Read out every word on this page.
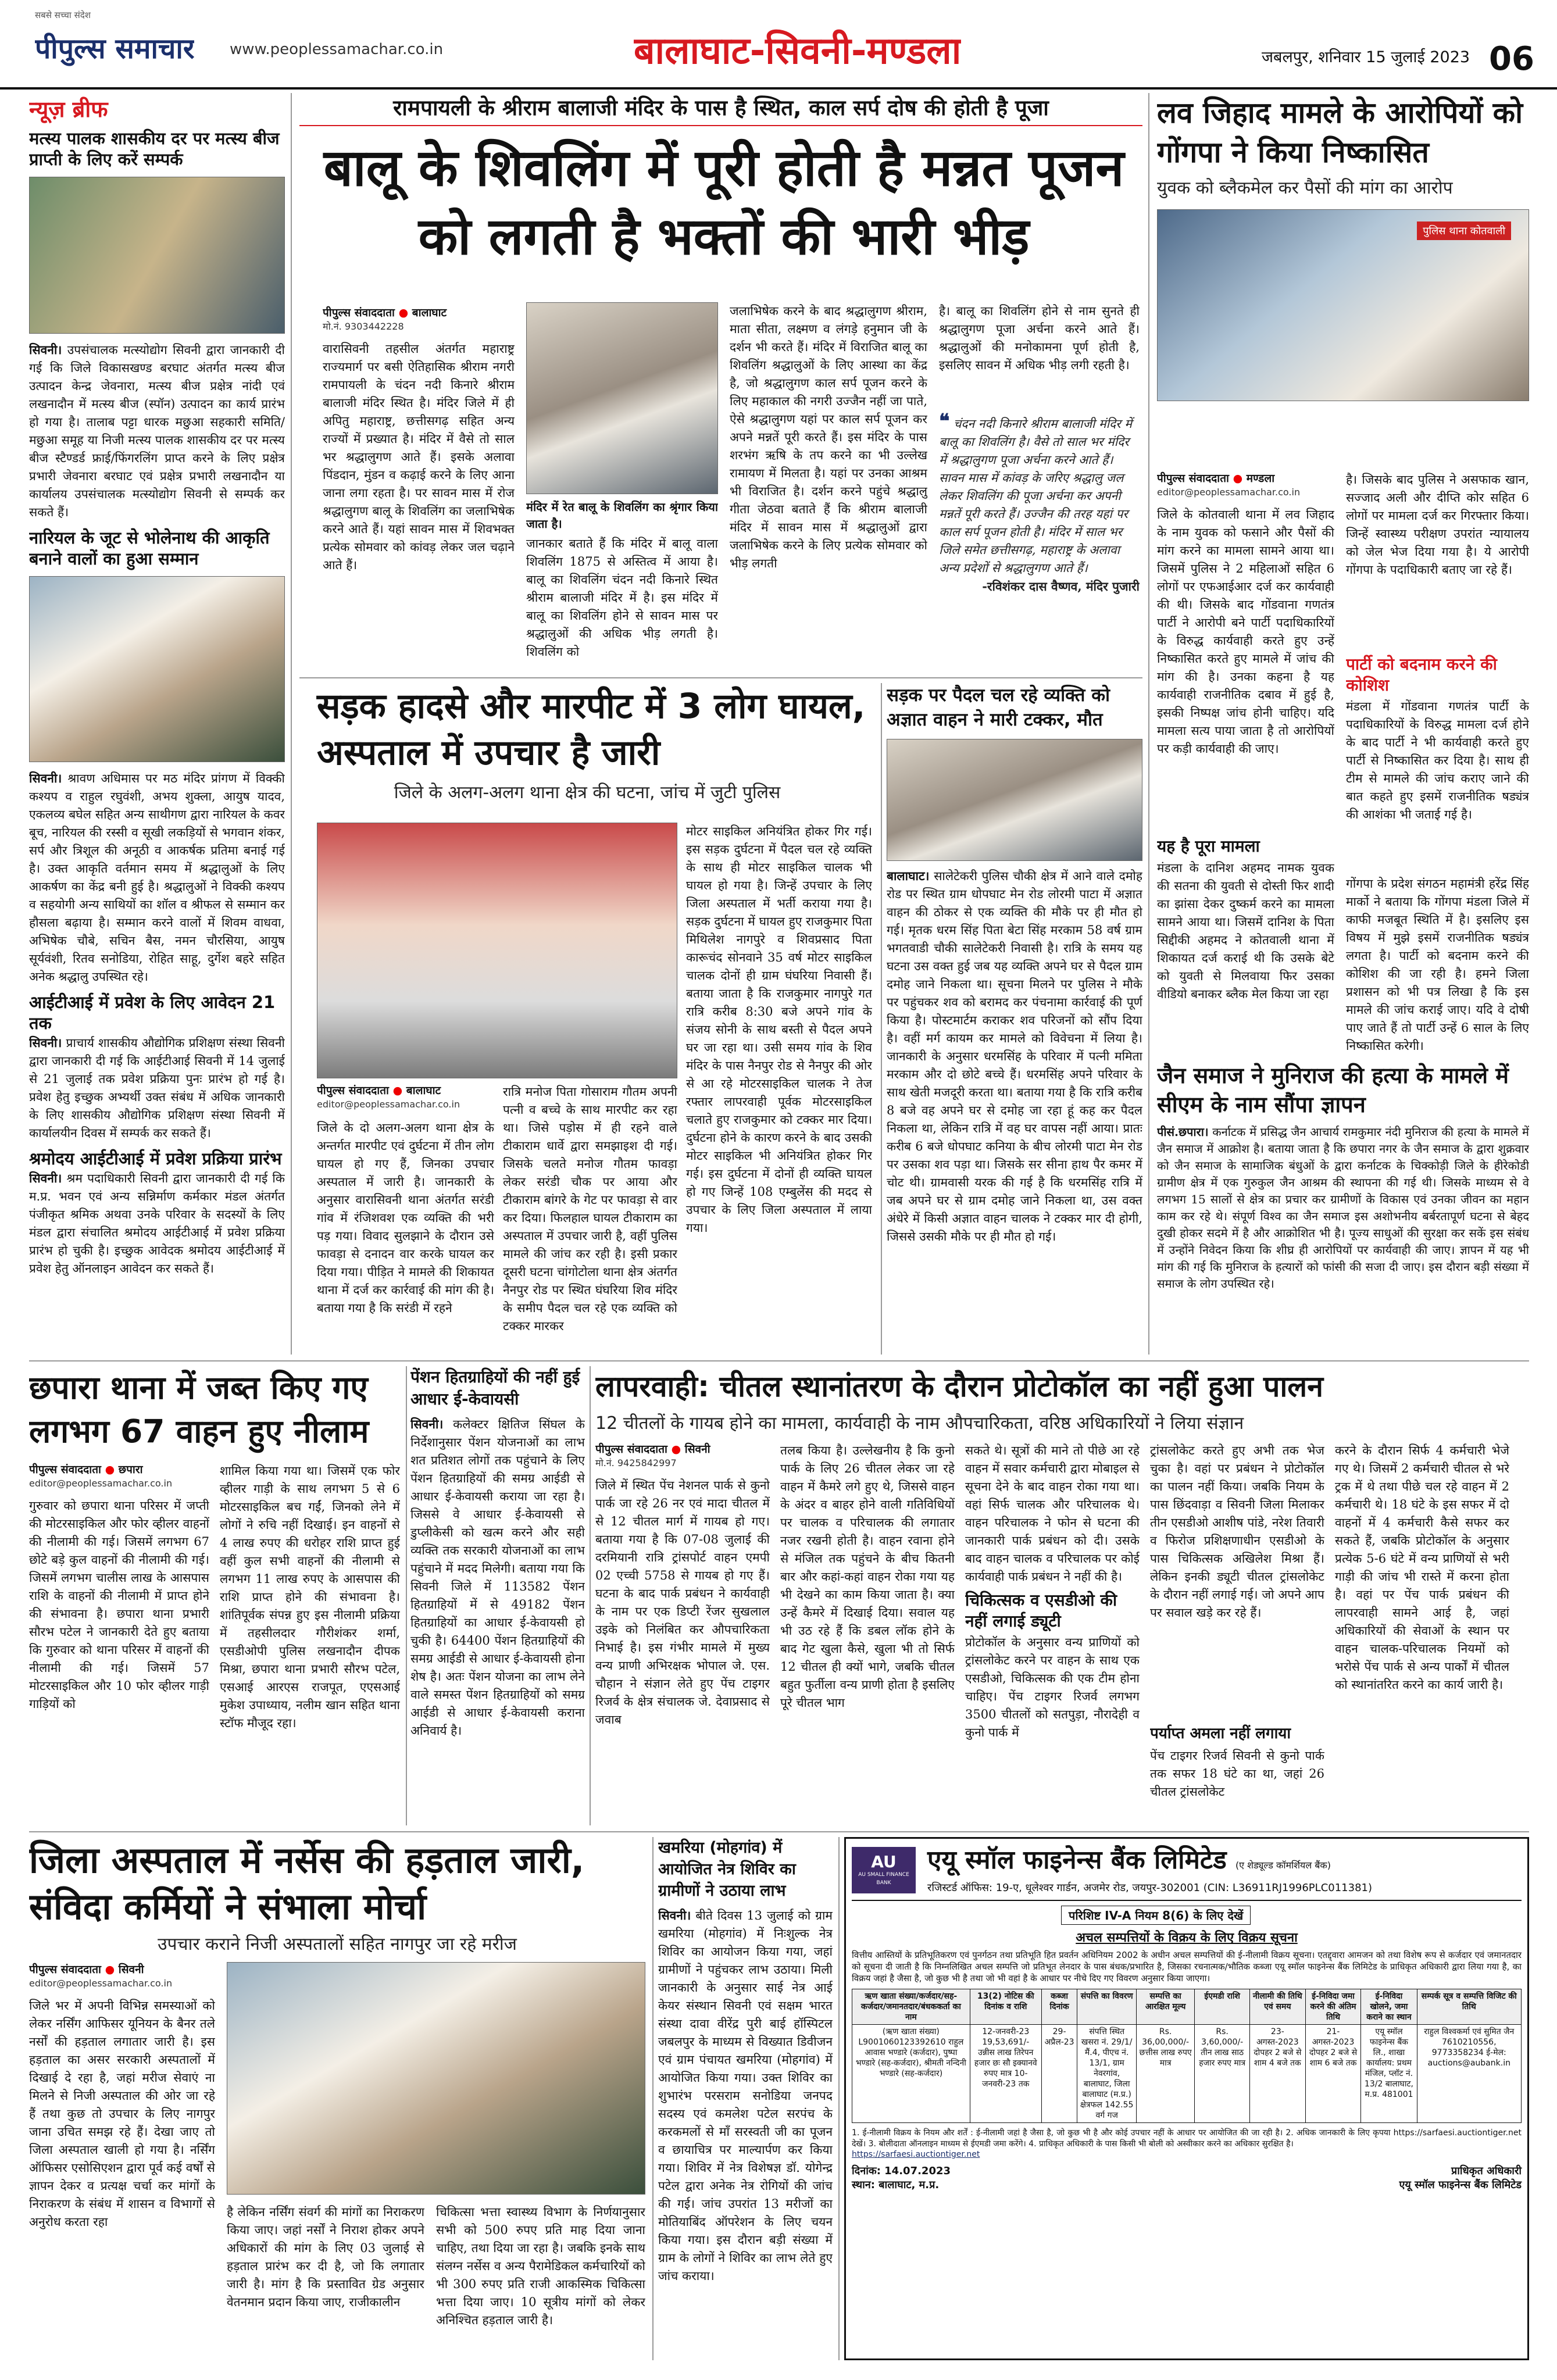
सबसे सच्चा संदेश
पीपुल्स समाचार www.peoplessamachar.co.in	बालाघाट-सिवनी-मण्डला	जबलपुर, शनिवार 15 जुलाई 2023 06
न्यूज़ ब्रीफ
मत्स्य पालक शासकीय दर पर मत्स्य बीज प्राप्ती के लिए करें सम्पर्क
सिवनी। उपसंचालक मत्स्योद्योग सिवनी द्वारा जानकारी दी गई कि जिले विकासखण्ड बरघाट अंतर्गत मत्स्य बीज उत्पादन केन्द्र जेवनारा, मत्स्य बीज प्रक्षेत्र नांदी एवं लखनादौन में मत्स्य बीज (स्पॉन) उत्पादन का कार्य प्रारंभ हो गया है। तालाब पट्टा धारक मछुआ सहकारी समिति/ मछुआ समूह या निजी मत्स्य पालक शासकीय दर पर मत्स्य बीज स्टैण्डर्ड फ्राई/फिंगरलिंग प्राप्त करने के लिए प्रक्षेत्र प्रभारी जेवनारा बरघाट एवं प्रक्षेत्र प्रभारी लखनादौन या कार्यालय उपसंचालक मत्स्योद्योग सिवनी से सम्पर्क कर सकते हैं।
नारियल के जूट से भोलेनाथ की आकृति बनाने वालों का हुआ सम्मान
सिवनी। श्रावण अधिमास पर मठ मंदिर प्रांगण में विक्की कश्यप व राहुल रघुवंशी, अभय शुक्ला, आयुष यादव, एकलव्य बघेल सहित अन्य साथीगण द्वारा नारियल के कवर बूच, नारियल की रस्सी व सूखी लकड़ियों से भगवान शंकर, सर्प और त्रिशूल की अनूठी व आकर्षक प्रतिमा बनाई गई है। उक्त आकृति वर्तमान समय में श्रद्धालुओं के लिए आकर्षण का केंद्र बनी हुई है। श्रद्धालुओं ने विक्की कश्यप व सहयोगी अन्य साथियों का शॉल व श्रीफल से सम्मान कर हौसला बढ़ाया है। सम्मान करने वालों में शिवम वाधवा, अभिषेक चौबे, सचिन बैस, नमन चौरसिया, आयुष सूर्यवंशी, रितव सनोडिया, रोहित साहू, दुर्गेश बहरे सहित अनेक श्रद्धालु उपस्थित रहे।
आईटीआई में प्रवेश के लिए आवेदन 21 तक
सिवनी। प्राचार्य शासकीय औद्योगिक प्रशिक्षण संस्था सिवनी द्वारा जानकारी दी गई कि आईटीआई सिवनी में 14 जुलाई से 21 जुलाई तक प्रवेश प्रक्रिया पुनः प्रारंभ हो गई है। प्रवेश हेतु इच्छुक अभ्यर्थी उक्त संबंध में अधिक जानकारी के लिए शासकीय औद्योगिक प्रशिक्षण संस्था सिवनी में कार्यालयीन दिवस में सम्पर्क कर सकते हैं।
श्रमोदय आईटीआई में प्रवेश प्रक्रिया प्रारंभ
सिवनी। श्रम पदाधिकारी सिवनी द्वारा जानकारी दी गई कि म.प्र. भवन एवं अन्य सन्निर्माण कर्मकार मंडल अंतर्गत पंजीकृत श्रमिक अथवा उनके परिवार के सदस्यों के लिए मंडल द्वारा संचालित श्रमोदय आईटीआई में प्रवेश प्रक्रिया प्रारंभ हो चुकी है। इच्छुक आवेदक श्रमोदय आईटीआई में प्रवेश हेतु ऑनलाइन आवेदन कर सकते हैं।
रामपायली के श्रीराम बालाजी मंदिर के पास है स्थित, काल सर्प दोष की होती है पूजा
बालू के शिवलिंग में पूरी होती है मन्नत पूजन को लगती है भक्तों की भारी भीड़
पीपुल्स संवाददाता ● बालाघाट
मो.नं. 9303442228
वारासिवनी तहसील अंतर्गत महाराष्ट्र राज्यमार्ग पर बसी ऐतिहासिक श्रीराम नगरी रामपायली के चंदन नदी किनारे श्रीराम बालाजी मंदिर स्थित है। मंदिर जिले में ही अपितु महाराष्ट्र, छत्तीसगढ़ सहित अन्य राज्यों में प्रख्यात है। मंदिर में वैसे तो साल भर श्रद्धालुगण आते हैं। इसके अलावा पिंडदान, मुंडन व कढ़ाई करने के लिए आना जाना लगा रहता है। पर सावन मास में रोज श्रद्धालुगण बालू के शिवलिंग का जलाभिषेक करने आते हैं। यहां सावन मास में शिवभक्त प्रत्येक सोमवार को कांवड़ लेकर जल चढ़ाने आते हैं।
मंदिर में रेत बालू के शिवलिंग का श्रृंगार किया जाता है।
जानकार बताते हैं कि मंदिर में बालू वाला शिवलिंग 1875 से अस्तित्व में आया है। बालू का शिवलिंग चंदन नदी किनारे स्थित श्रीराम बालाजी मंदिर में है। इस मंदिर में बालू का शिवलिंग होने से सावन मास पर श्रद्धालुओं की अधिक भीड़ लगती है। शिवलिंग को
जलाभिषेक करने के बाद श्रद्धालुगण श्रीराम, माता सीता, लक्ष्मण व लंगड़े हनुमान जी के दर्शन भी करते हैं। मंदिर में विराजित बालू का शिवलिंग श्रद्धालुओं के लिए आस्था का केंद्र है, जो श्रद्धालुगण काल सर्प पूजन करने के लिए महाकाल की नगरी उज्जैन नहीं जा पाते, ऐसे श्रद्धालुगण यहां पर काल सर्प पूजन कर अपने मन्नतें पूरी करते हैं। इस मंदिर के पास शरभंग ऋषि के तप करने का भी उल्लेख रामायण में मिलता है। यहां पर उनका आश्रम भी विराजित है। दर्शन करने पहुंचे श्रद्धालु गीता जेठवा बताते हैं कि श्रीराम बालाजी मंदिर में सावन मास में श्रद्धालुओं द्वारा जलाभिषेक करने के लिए प्रत्येक सोमवार को भीड़ लगती
है। बालू का शिवलिंग होने से नाम सुनते ही श्रद्धालुगण पूजा अर्चना करने आते हैं। श्रद्धालुओं की मनोकामना पूर्ण होती है, इसलिए सावन में अधिक भीड़ लगी रहती है।
❝ चंदन नदी किनारे श्रीराम बालाजी मंदिर में बालू का शिवलिंग है। वैसे तो साल भर मंदिर में श्रद्धालुगण पूजा अर्चना करने आते हैं। सावन मास में कांवड़ के जरिए श्रद्धालु जल लेकर शिवलिंग की पूजा अर्चना कर अपनी मन्नतें पूरी करते हैं। उज्जैन की तरह यहां पर काल सर्प पूजन होती है। मंदिर में साल भर जिले समेत छत्तीसगढ़, महाराष्ट्र के अलावा अन्य प्रदेशों से श्रद्धालुगण आते हैं।
-रविशंकर दास वैष्णव, मंदिर पुजारी
लव जिहाद मामले के आरोपियों को गोंगपा ने किया निष्कासित
युवक को ब्लैकमेल कर पैसों की मांग का आरोप
पुलिस थाना कोतवाली
पीपुल्स संवाददाता ● मण्डला
editor@peoplessamachar.co.in
जिले के कोतवाली थाना में लव जिहाद के नाम युवक को फसाने और पैसों की मांग करने का मामला सामने आया था। जिसमें पुलिस ने 2 महिलाओं सहित 6 लोगों पर एफआईआर दर्ज कर कार्यवाही की थी। जिसके बाद गोंडवाना गणतंत्र पार्टी ने आरोपी बने पार्टी पदाधिकारियों के विरुद्ध कार्यवाही करते हुए उन्हें निष्कासित करते हुए मामले में जांच की मांग की है। उनका कहना है यह कार्यवाही राजनीतिक दबाव में हुई है, इसकी निष्पक्ष जांच होनी चाहिए। यदि मामला सत्य पाया जाता है तो आरोपियों पर कड़ी कार्यवाही की जाए।
यह है पूरा मामला
मंडला के दानिश अहमद नामक युवक की सतना की युवती से दोस्ती फिर शादी का झांसा देकर दुष्कर्म करने का मामला सामने आया था। जिसमें दानिश के पिता सिद्दीकी अहमद ने कोतवाली थाना में शिकायत दर्ज कराई थी कि उसके बेटे को युवती से मिलवाया फिर उसका वीडियो बनाकर ब्लैक मेल किया जा रहा
है। जिसके बाद पुलिस ने असफाक खान, सज्जाद अली और दीप्ति कोर सहित 6 लोगों पर मामला दर्ज कर गिरफ्तार किया। जिन्हें स्वास्थ्य परीक्षण उपरांत न्यायालय को जेल भेज दिया गया है। ये आरोपी गोंगपा के पदाधिकारी बताए जा रहे हैं।
पार्टी को बदनाम करने की कोशिश
मंडला में गोंडवाना गणतंत्र पार्टी के पदाधिकारियों के विरुद्ध मामला दर्ज होने के बाद पार्टी ने भी कार्यवाही करते हुए पार्टी से निष्कासित कर दिया है। साथ ही टीम से मामले की जांच कराए जाने की बात कहते हुए इसमें राजनीतिक षड्यंत्र की आशंका भी जताई गई है।
गोंगपा के प्रदेश संगठन महामंत्री हरेंद्र सिंह मार्को ने बताया कि गोंगपा मंडला जिले में काफी मजबूत स्थिति में है। इसलिए इस विषय में मुझे इसमें राजनीतिक षड्यंत्र लगता है। पार्टी को बदनाम करने की कोशिश की जा रही है। हमने जिला प्रशासन को भी पत्र लिखा है कि इस मामले की जांच कराई जाए। यदि वे दोषी पाए जाते हैं तो पार्टी उन्हें 6 साल के लिए निष्कासित करेगी।
सड़क हादसे और मारपीट में 3 लोग घायल, अस्पताल में उपचार है जारी
जिले के अलग-अलग थाना क्षेत्र की घटना, जांच में जुटी पुलिस
पीपुल्स संवाददाता ● बालाघाट
editor@peoplessamachar.co.in
जिले के दो अलग-अलग थाना क्षेत्र के अन्तर्गत मारपीट एवं दुर्घटना में तीन लोग घायल हो गए हैं, जिनका उपचार अस्पताल में जारी है। जानकारी के अनुसार वारासिवनी थाना अंतर्गत सरंडी गांव में रंजिशवश एक व्यक्ति की भरी पड़ गया। विवाद सुलझाने के दौरान उसे फावड़ा से दनादन वार करके घायल कर दिया गया। पीड़ित ने मामले की शिकायत थाना में दर्ज कर कार्रवाई की मांग की है। बताया गया है कि सरंडी में रहने
रात्रि मनोज पिता गोसाराम गौतम अपनी पत्नी व बच्चे के साथ मारपीट कर रहा था। जिसे पड़ोस में ही रहने वाले टीकाराम धार्वे द्वारा समझाइश दी गई। जिसके चलते मनोज गौतम फावड़ा लेकर सरंडी चौक पर आया और टीकाराम बांगरे के गेट पर फावड़ा से वार कर दिया। फिलहाल घायल टीकाराम का अस्पताल में उपचार जारी है, वहीं पुलिस मामले की जांच कर रही है। इसी प्रकार दूसरी घटना चांगोटोला थाना क्षेत्र अंतर्गत नैनपुर रोड पर स्थित घंघरिया शिव मंदिर के समीप पैदल चल रहे एक व्यक्ति को टक्कर मारकर
मोटर साइकिल अनियंत्रित होकर गिर गई। इस सड़क दुर्घटना में पैदल चल रहे व्यक्ति के साथ ही मोटर साइकिल चालक भी घायल हो गया है। जिन्हें उपचार के लिए जिला अस्पताल में भर्ती कराया गया है। सड़क दुर्घटना में घायल हुए राजकुमार पिता मिथिलेश नागपुरे व शिवप्रसाद पिता कारूचंद सोनवाने 35 वर्ष मोटर साइकिल चालक दोनों ही ग्राम घंघरिया निवासी हैं। बताया जाता है कि राजकुमार नागपुरे गत रात्रि करीब 8:30 बजे अपने गांव के संजय सोनी के साथ बस्ती से पैदल अपने घर जा रहा था। उसी समय गांव के शिव मंदिर के पास नैनपुर रोड से नैनपुर की ओर से आ रहे मोटरसाइकिल चालक ने तेज रफ्तार लापरवाही पूर्वक मोटरसाइकिल चलाते हुए राजकुमार को टक्कर मार दिया। दुर्घटना होने के कारण करने के बाद उसकी मोटर साइकिल भी अनियंत्रित होकर गिर गई। इस दुर्घटना में दोनों ही व्यक्ति घायल हो गए जिन्हें 108 एम्बुलेंस की मदद से उपचार के लिए जिला अस्पताल में लाया गया।
सड़क पर पैदल चल रहे व्यक्ति को अज्ञात वाहन ने मारी टक्कर, मौत
बालाघाट। सालेटेकरी पुलिस चौकी क्षेत्र में आने वाले दमोह रोड पर स्थित ग्राम धोपघाट मेन रोड लोरमी पाटा में अज्ञात वाहन की ठोकर से एक व्यक्ति की मौके पर ही मौत हो गई। मृतक धरम सिंह पिता बेटा सिंह मरकाम 58 वर्ष ग्राम भगतवाडी चौकी सालेटेकरी निवासी है। रात्रि के समय यह घटना उस वक्त हुई जब यह व्यक्ति अपने घर से पैदल ग्राम दमोह जाने निकला था। सूचना मिलने पर पुलिस ने मौके पर पहुंचकर शव को बरामद कर पंचनामा कार्रवाई की पूर्ण किया है। पोस्टमार्टम कराकर शव परिजनों को सौंप दिया है। वहीं मर्ग कायम कर मामले को विवेचना में लिया है। जानकारी के अनुसार धरमसिंह के परिवार में पत्नी ममिता मरकाम और दो छोटे बच्चे हैं। धरमसिंह अपने परिवार के साथ खेती मजदूरी करता था। बताया गया है कि रात्रि करीब 8 बजे वह अपने घर से दमोह जा रहा हूं कह कर पैदल निकला था, लेकिन रात्रि में वह घर वापस नहीं आया। प्रातः करीब 6 बजे धोपघाट कनिया के बीच लोरमी पाटा मेन रोड पर उसका शव पड़ा था। जिसके सर सीना हाथ पैर कमर में चोट थी। ग्रामवासी यरक की गई है कि धरमसिंह रात्रि में जब अपने घर से ग्राम दमोह जाने निकला था, उस वक्त अंधेरे में किसी अज्ञात वाहन चालक ने टक्कर मार दी होगी, जिससे उसकी मौके पर ही मौत हो गई।
जैन समाज ने मुनिराज की हत्या के मामले में सीएम के नाम सौंपा ज्ञापन
पीसं.छपारा। कर्नाटक में प्रसिद्ध जैन आचार्य रामकुमार नंदी मुनिराज की हत्या के मामले में जैन समाज में आक्रोश है। बताया जाता है कि छपारा नगर के जैन समाज के द्वारा शुक्रवार को जैन समाज के सामाजिक बंधुओं के द्वारा कर्नाटक के चिक्कोड़ी जिले के हीरेकोडी ग्रामीण क्षेत्र में एक गुरुकुल जैन आश्रम की स्थापना की गई थी। जिसके माध्यम से वे लगभग 15 सालों से क्षेत्र का प्रचार कर ग्रामीणों के विकास एवं उनका जीवन का महान काम कर रहे थे। संपूर्ण विश्व का जैन समाज इस अशोभनीय बर्बरतापूर्ण घटना से बेहद दुखी होकर सदमे में है और आक्रोशित भी है। पूज्य साधुओं की सुरक्षा कर सकें इस संबंध में उन्होंने निवेदन किया कि शीघ्र ही आरोपियों पर कार्यवाही की जाए। ज्ञापन में यह भी मांग की गई कि मुनिराज के हत्यारों को फांसी की सजा दी जाए। इस दौरान बड़ी संख्या में समाज के लोग उपस्थित रहे।
छपारा थाना में जब्त किए गए लगभग 67 वाहन हुए नीलाम
पीपुल्स संवाददाता ● छपारा
editor@peoplessamachar.co.in
गुरुवार को छपारा थाना परिसर में जप्ती की मोटरसाइकिल और फोर व्हीलर वाहनों की नीलामी की गई। जिसमें लगभग 67 छोटे बड़े कुल वाहनों की नीलामी की गई। जिसमें लगभग चालीस लाख के आसपास राशि के वाहनों की नीलामी में प्राप्त होने की संभावना है। छपारा थाना प्रभारी सौरभ पटेल ने जानकारी देते हुए बताया कि गुरुवार को थाना परिसर में वाहनों की नीलामी की गई। जिसमें 57 मोटरसाइकिल और 10 फोर व्हीलर गाड़ी गाड़ियों को
शामिल किया गया था। जिसमें एक फोर व्हीलर गाड़ी के साथ लगभग 5 से 6 मोटरसाइकिल बच गईं, जिनको लेने में लोगों ने रुचि नहीं दिखाई। इन वाहनों से 4 लाख रुपए की धरोहर राशि प्राप्त हुई वहीं कुल सभी वाहनों की नीलामी से लगभग 11 लाख रुपए के आसपास की राशि प्राप्त होने की संभावना है। शांतिपूर्वक संपन्न हुए इस नीलामी प्रक्रिया में तहसीलदार गौरीशंकर शर्मा, एसडीओपी पुलिस लखनादौन दीपक मिश्रा, छपारा थाना प्रभारी सौरभ पटेल, एसआई आरएस राजपूत, एएसआई मुकेश उपाध्याय, नलीम खान सहित थाना स्टॉफ मौजूद रहा।
पेंशन हितग्राहियों की नहीं हुई आधार ई-केवायसी
सिवनी। कलेक्टर क्षितिज सिंघल के निर्देशानुसार पेंशन योजनाओं का लाभ शत प्रतिशत लोगों तक पहुंचाने के लिए पेंशन हितग्राहियों की समग्र आईडी से आधार ई-केवायसी कराया जा रहा है। जिससे वे आधार ई-केवायसी से डुप्लीकेसी को खत्म करने और सही व्यक्ति तक सरकारी योजनाओं का लाभ पहुंचाने में मदद मिलेगी। बताया गया कि सिवनी जिले में 113582 पेंशन हितग्राहियों में से 49182 पेंशन हितग्राहियों का आधार ई-केवायसी हो चुकी है। 64400 पेंशन हितग्राहियों की समग्र आईडी से आधार ई-केवायसी होना शेष है। अतः पेंशन योजना का लाभ लेने वाले समस्त पेंशन हितग्राहियों को समग्र आईडी से आधार ई-केवायसी कराना अनिवार्य है।
लापरवाही: चीतल स्थानांतरण के दौरान प्रोटोकॉल का नहीं हुआ पालन
12 चीतलों के गायब होने का मामला, कार्यवाही के नाम औपचारिकता, वरिष्ठ अधिकारियों ने लिया संज्ञान
पीपुल्स संवाददाता ● सिवनी
मो.नं. 9425842997
जिले में स्थित पेंच नेशनल पार्क से कुनो पार्क जा रहे 26 नर एवं मादा चीतल में से 12 चीतल मार्ग में गायब हो गए। बताया गया है कि 07-08 जुलाई की दरमियानी रात्रि ट्रांसपोर्ट वाहन एमपी 02 एच्ची 5758 से गायब हो गए हैं। घटना के बाद पार्क प्रबंधन ने कार्यवाही के नाम पर एक डिप्टी रेंजर सुखलाल उइके को निलंबित कर औपचारिकता निभाई है। इस गंभीर मामले में मुख्य वन्य प्राणी अभिरक्षक भोपाल जे. एस. चौहान ने संज्ञान लेते हुए पेंच टाइगर रिजर्व के क्षेत्र संचालक जे. देवाप्रसाद से जवाब
तलब किया है। उल्लेखनीय है कि कुनो पार्क के लिए 26 चीतल लेकर जा रहे वाहन में कैमरे लगे हुए थे, जिससे वाहन के अंदर व बाहर होने वाली गतिविधियों पर चालक व परिचालक की लगातार नजर रखनी होती है। वाहन रवाना होने से मंजिल तक पहुंचने के बीच कितनी बार और कहां-कहां वाहन रोका गया यह भी देखने का काम किया जाता है। क्या उन्हें कैमरे में दिखाई दिया। सवाल यह भी उठ रहे हैं कि डबल लॉक होने के बाद गेट खुला कैसे, खुला भी तो सिर्फ 12 चीतल ही क्यों भागे, जबकि चीतल बहुत फुर्तीला वन्य प्राणी होता है इसलिए पूरे चीतल भाग
सकते थे। सूत्रों की माने तो पीछे आ रहे वाहन में सवार कर्मचारी द्वारा मोबाइल से सूचना देने के बाद वाहन रोका गया था। वहां सिर्फ चालक और परिचालक थे। वाहन परिचालक ने फोन से घटना की जानकारी पार्क प्रबंधन को दी। उसके बाद वाहन चालक व परिचालक पर कोई कार्यवाही पार्क प्रबंधन ने नहीं की है।
चिकित्सक व एसडीओ की नहीं लगाई ड्यूटी
प्रोटोकॉल के अनुसार वन्य प्राणियों को ट्रांसलोकेट करने पर वाहन के साथ एक एसडीओ, चिकित्सक की एक टीम होना चाहिए। पेंच टाइगर रिजर्व लगभग 3500 चीतलों को सतपुड़ा, नौरादेही व कुनो पार्क में
ट्रांसलोकेट करते हुए अभी तक भेज चुका है। वहां पर प्रबंधन ने प्रोटोकॉल का पालन नहीं किया। जबकि नियम के पास छिंदवाड़ा व सिवनी जिला मिलाकर तीन एसडीओ आशीष पांडे, नरेश तिवारी व फिरोज प्रशिक्षणाधीन एसडीओ के पास चिकित्सक अखिलेश मिश्रा हैं। लेकिन इनकी ड्यूटी चीतल ट्रांसलोकेट के दौरान नहीं लगाई गई। जो अपने आप पर सवाल खड़े कर रहे हैं।
पर्याप्त अमला नहीं लगाया
पेंच टाइगर रिजर्व सिवनी से कुनो पार्क तक सफर 18 घंटे का था, जहां 26 चीतल ट्रांसलोकेट
करने के दौरान सिर्फ 4 कर्मचारी भेजे गए थे। जिसमें 2 कर्मचारी चीतल से भरे ट्रक में थे तथा पीछे चल रहे वाहन में 2 कर्मचारी थे। 18 घंटे के इस सफर में दो वाहनों में 4 कर्मचारी कैसे सफर कर सकते हैं, जबकि प्रोटोकॉल के अनुसार प्रत्येक 5-6 घंटे में वन्य प्राणियों से भरी गाड़ी की जांच भी रास्ते में करना होता है। वहां पर पेंच पार्क प्रबंधन की लापरवाही सामने आई है, जहां अधिकारियों की सेवाओं के स्थान पर वाहन चालक-परिचालक नियमों को भरोसे पेंच पार्क से अन्य पार्कों में चीतल को स्थानांतरित करने का कार्य जारी है।
जिला अस्पताल में नर्सेस की हड़ताल जारी, संविदा कर्मियों ने संभाला मोर्चा
उपचार कराने निजी अस्पतालों सहित नागपुर जा रहे मरीज
पीपुल्स संवाददाता ● सिवनी
editor@peoplessamachar.co.in
जिले भर में अपनी विभिन्न समस्याओं को लेकर नर्सिंग आफिसर यूनियन के बैनर तले नर्सों की हड़ताल लगातार जारी है। इस हड़ताल का असर सरकारी अस्पतालों में दिखाई दे रहा है, जहां मरीज सेवाएं ना मिलने से निजी अस्पताल की ओर जा रहे हैं तथा कुछ तो उपचार के लिए नागपुर जाना उचित समझ रहे हैं। देखा जाए तो जिला अस्पताल खाली हो गया है। नर्सिंग ऑफिसर एसोसिएशन द्वारा पूर्व कई वर्षों से ज्ञापन देकर व प्रत्यक्ष चर्चा कर मांगों के निराकरण के संबंध में शासन व विभागों से अनुरोध करता रहा
है लेकिन नर्सिंग संवर्ग की मांगों का निराकरण किया जाए। जहां नर्सों ने निराश होकर अपने अधिकारों की मांग के लिए 03 जुलाई से हड़ताल प्रारंभ कर दी है, जो कि लगातार जारी है। मांग है कि प्रस्तावित ग्रेड अनुसार वेतनमान प्रदान किया जाए, राजीकालीन
चिकित्सा भत्ता स्वास्थ्य विभाग के निर्णयानुसार सभी को 500 रुपए प्रति माह दिया जाना चाहिए, तथा दिया जा रहा है। जबकि इनके साथ संलग्न नर्सेस व अन्य पैरामेडिकल कर्मचारियों को भी 300 रुपए प्रति राजी आकस्मिक चिकित्सा भत्ता दिया जाए। 10 सूत्रीय मांगों को लेकर अनिश्चित हड़ताल जारी है।
खमरिया (मोहगांव) में आयोजित नेत्र शिविर का ग्रामीणों ने उठाया लाभ
सिवनी। बीते दिवस 13 जुलाई को ग्राम खमरिया (मोहगांव) में निःशुल्क नेत्र शिविर का आयोजन किया गया, जहां ग्रामीणों ने पहुंचकर लाभ उठाया। मिली जानकारी के अनुसार साई नेत्र आई केयर संस्थान सिवनी एवं सक्षम भारत संस्था दावा वीरेंद्र पुरी बाई हॉस्पिटल जबलपुर के माध्यम से विख्यात डिवीजन एवं ग्राम पंचायत खमरिया (मोहगांव) में आयोजित किया गया। उक्त शिविर का शुभारंभ परसराम सनोडिया जनपद सदस्य एवं कमलेश पटेल सरपंच के करकमलों से माँ सरस्वती जी का पूजन व छायाचित्र पर माल्यार्पण कर किया गया। शिविर में नेत्र विशेषज्ञ डॉ. योगेन्द्र पटेल द्वारा अनेक नेत्र रोगियों की जांच की गई। जांच उपरांत 13 मरीजों का मोतियाबिंद ऑपरेशन के लिए चयन किया गया। इस दौरान बड़ी संख्या में ग्राम के लोगों ने शिविर का लाभ लेते हुए जांच कराया।
AU
AU SMALL FINANCE BANK
एयू स्मॉल फाइनेन्स बैंक लिमिटेड (ए शेड्यूल्ड कॉमर्शियल बैंक)
रजिस्टर्ड ऑफिस: 19-ए, धूलेश्वर गार्डन, अजमेर रोड, जयपुर-302001 (CIN: L36911RJ1996PLC011381)
परिशिष्ट IV-A नियम 8(6) के लिए देखें
अचल सम्पत्तियों के विक्रय के लिए विक्रय सूचना
वित्तीय आस्तियों के प्रतिभूतिकरण एवं पुनर्गठन तथा प्रतिभूति हित प्रवर्तन अधिनियम 2002 के अधीन अचल सम्पत्तियों की ई-नीलामी विक्रय सूचना। एतद्द्वारा आमजन को तथा विशेष रूप से कर्जदार एवं जमानतदार को सूचना दी जाती है कि निम्नलिखित अचल सम्पत्ति जो प्रतिभूत लेनदार के पास बंधक/प्रभारित है, जिसका रचनात्मक/भौतिक कब्जा एयू स्मॉल फाइनेन्स बैंक लिमिटेड के प्राधिकृत अधिकारी द्वारा लिया गया है, का विक्रय जहां है जैसा है, जो कुछ भी है तथा जो भी वहां है के आधार पर नीचे दिए गए विवरण अनुसार किया जाएगा।
ऋण खाता संख्या/कर्जदार/सह-कर्जदार/जमानतदार/बंधककर्ता का नाम	13(2) नोटिस की दिनांक व राशि	कब्जा दिनांक	संपत्ति का विवरण	सम्पत्ति का आरक्षित मूल्य	ईएमडी राशि	नीलामी की तिथि एवं समय	ई-निविदा जमा करने की अंतिम तिथि	ई-निविदा खोलने, जमा कराने का स्थान	सम्पर्क सूत्र व सम्पत्ति विजिट की तिथि
(ऋण खाता संख्या) L9001060123392610 राहुल आवास भण्डारे (कर्जदार), पुष्पा भण्डारे (सह-कर्जदार), श्रीमती नन्दिनी भण्डारे (सह-कर्जदार)	12-जनवरी-23 19,53,691/- उन्नीस लाख तिरेपन हजार छः सौ इक्यानवे रुपए मात्र 10-जनवरी-23 तक	29-अप्रैल-23	संपत्ति स्थित खसरा नं. 29/1/मैं.4, पीएच नं. 13/1, ग्राम नेवरगांव, बालाघाट, जिला बालाघाट (म.प्र.) क्षेत्रफल 142.55 वर्ग गज	Rs. 36,00,000/- छत्तीस लाख रुपए मात्र	Rs. 3,60,000/- तीन लाख साठ हजार रुपए मात्र	23-अगस्त-2023 दोपहर 2 बजे से शाम 4 बजे तक	21-अगस्त-2023 दोपहर 2 बजे से शाम 6 बजे तक	एयू स्मॉल फाइनेन्स बैंक लि., शाखा कार्यालय: प्रथम मंजिल, प्लॉट नं. 13/2 बालाघाट, म.प्र. 481001	राहुल विश्वकर्मा एवं सुमित जैन 7610210556, 9773358234 ई-मेल: auctions@aubank.in
1. ई-नीलामी विक्रय के नियम और शर्तें : ई-नीलामी जहां है जैसा है, जो कुछ भी है और कोई उपचार नहीं के आधार पर आयोजित की जा रही है। 2. अधिक जानकारी के लिए कृपया https://sarfaesi.auctiontiger.net देखें। 3. बोलीदाता ऑनलाइन माध्यम से ईएमडी जमा करेंगे। 4. प्राधिकृत अधिकारी के पास किसी भी बोली को अस्वीकार करने का अधिकार सुरक्षित है।
https://sarfaesi.auctiontiger.net
दिनांक: 14.07.2023
स्थान: बालाघाट, म.प्र.
प्राधिकृत अधिकारी
एयू स्मॉल फाइनेन्स बैंक लिमिटेड
